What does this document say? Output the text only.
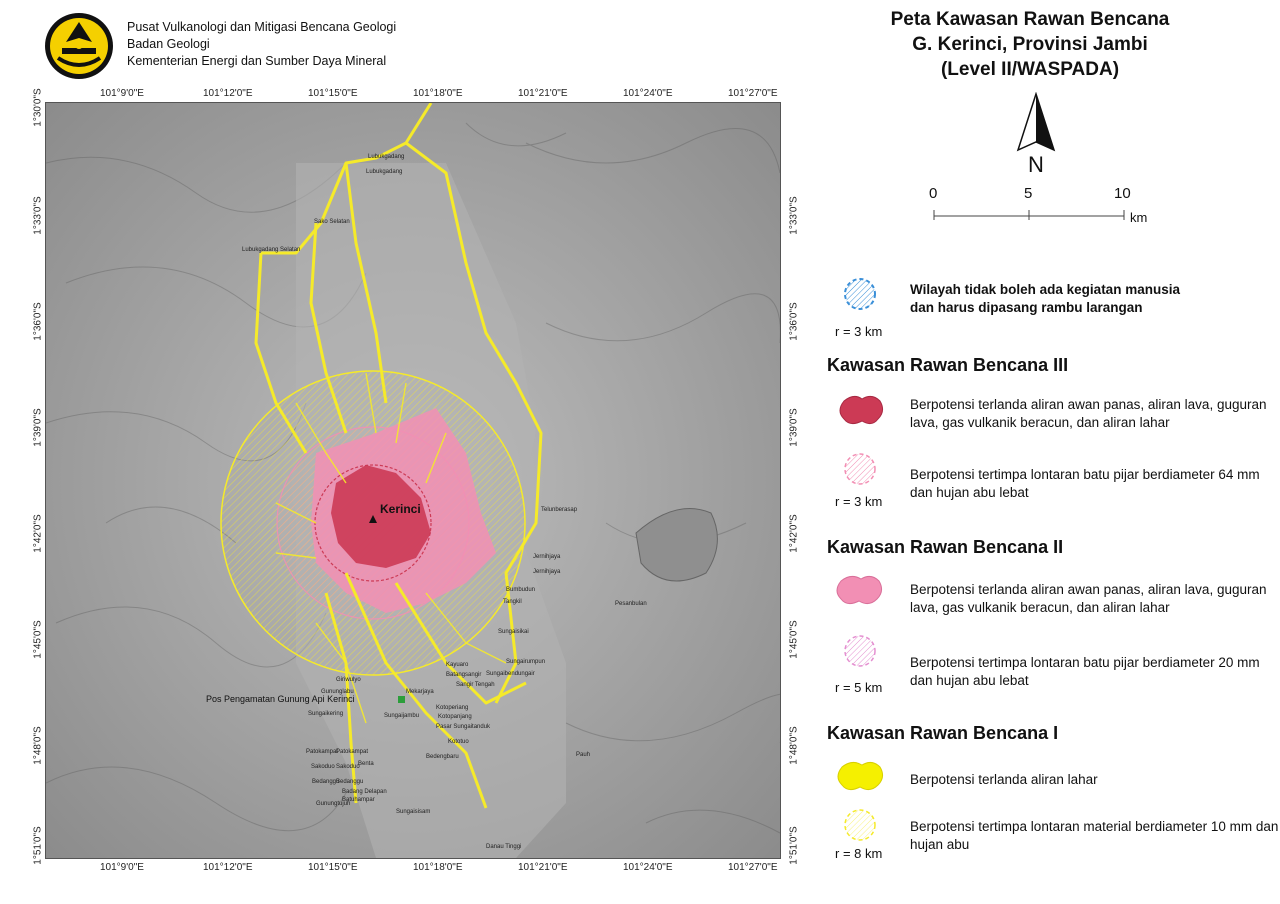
Pusat Vulkanologi dan Mitigasi Bencana Geologi
Badan Geologi
Kementerian Energi dan Sumber Daya Mineral
101°9'0"E	101°12'0"E	101°15'0"E	101°18'0"E	101°21'0"E	101°24'0"E	101°27'0"E
101°9'0"E	101°12'0"E	101°15'0"E	101°18'0"E	101°21'0"E	101°24'0"E	101°27'0"E
1°30'0"S
1°33'0"S
1°36'0"S
1°39'0"S
1°42'0"S
1°45'0"S
1°48'0"S
1°51'0"S
1°33'0"S
1°36'0"S
1°39'0"S
1°42'0"S
1°45'0"S
1°48'0"S
1°51'0"S
Kerinci
Pos Pengamatan Gunung Api Kerinci
Lubukgadang
Lubukgadang
Sako Selatan
Lubukgadang Selatan
Telunberasap
Jernihjaya
Jernihjaya
Bumbudun
Tangkil	Pesanbulan
Sungaisikai
Sungairumpun
Sungaibendungair
Kayuaro
Batangsangir
Sangir Tengah
Giriwulyo
Gununglabu	Mekarjaya
Sungaikering	Sungaijambu
Kotoperiang
Kotopanjang
Pasar Sungaitanduk
Kototuo
Patokampat
Patokampat
Benta
Sakoduo Sakoduo
Bedanggu
Bedanggu
Badang Delapan
Batuhampar
Sungaisisam
Bedengbaru
Danau Tinggi
Pauh
Gunungtujuh
Peta Kawasan Rawan Bencana
G. Kerinci, Provinsi Jambi
(Level II/WASPADA)
N
0	5	10
km
Wilayah tidak boleh ada kegiatan manusia
dan harus dipasang rambu larangan
r = 3 km
Kawasan Rawan Bencana III
Berpotensi terlanda aliran awan panas, aliran lava, guguran lava, gas vulkanik beracun, dan aliran lahar
Berpotensi tertimpa lontaran batu pijar berdiameter 64 mm dan hujan abu lebat
r = 3 km
Kawasan Rawan Bencana II
Berpotensi terlanda aliran awan panas, aliran lava, guguran lava, gas vulkanik beracun, dan aliran lahar
Berpotensi tertimpa lontaran batu pijar berdiameter 20 mm dan hujan abu lebat
r = 5 km
Kawasan Rawan Bencana I
Berpotensi terlanda aliran lahar
Berpotensi tertimpa lontaran material berdiameter 10 mm dan hujan abu
r = 8 km
